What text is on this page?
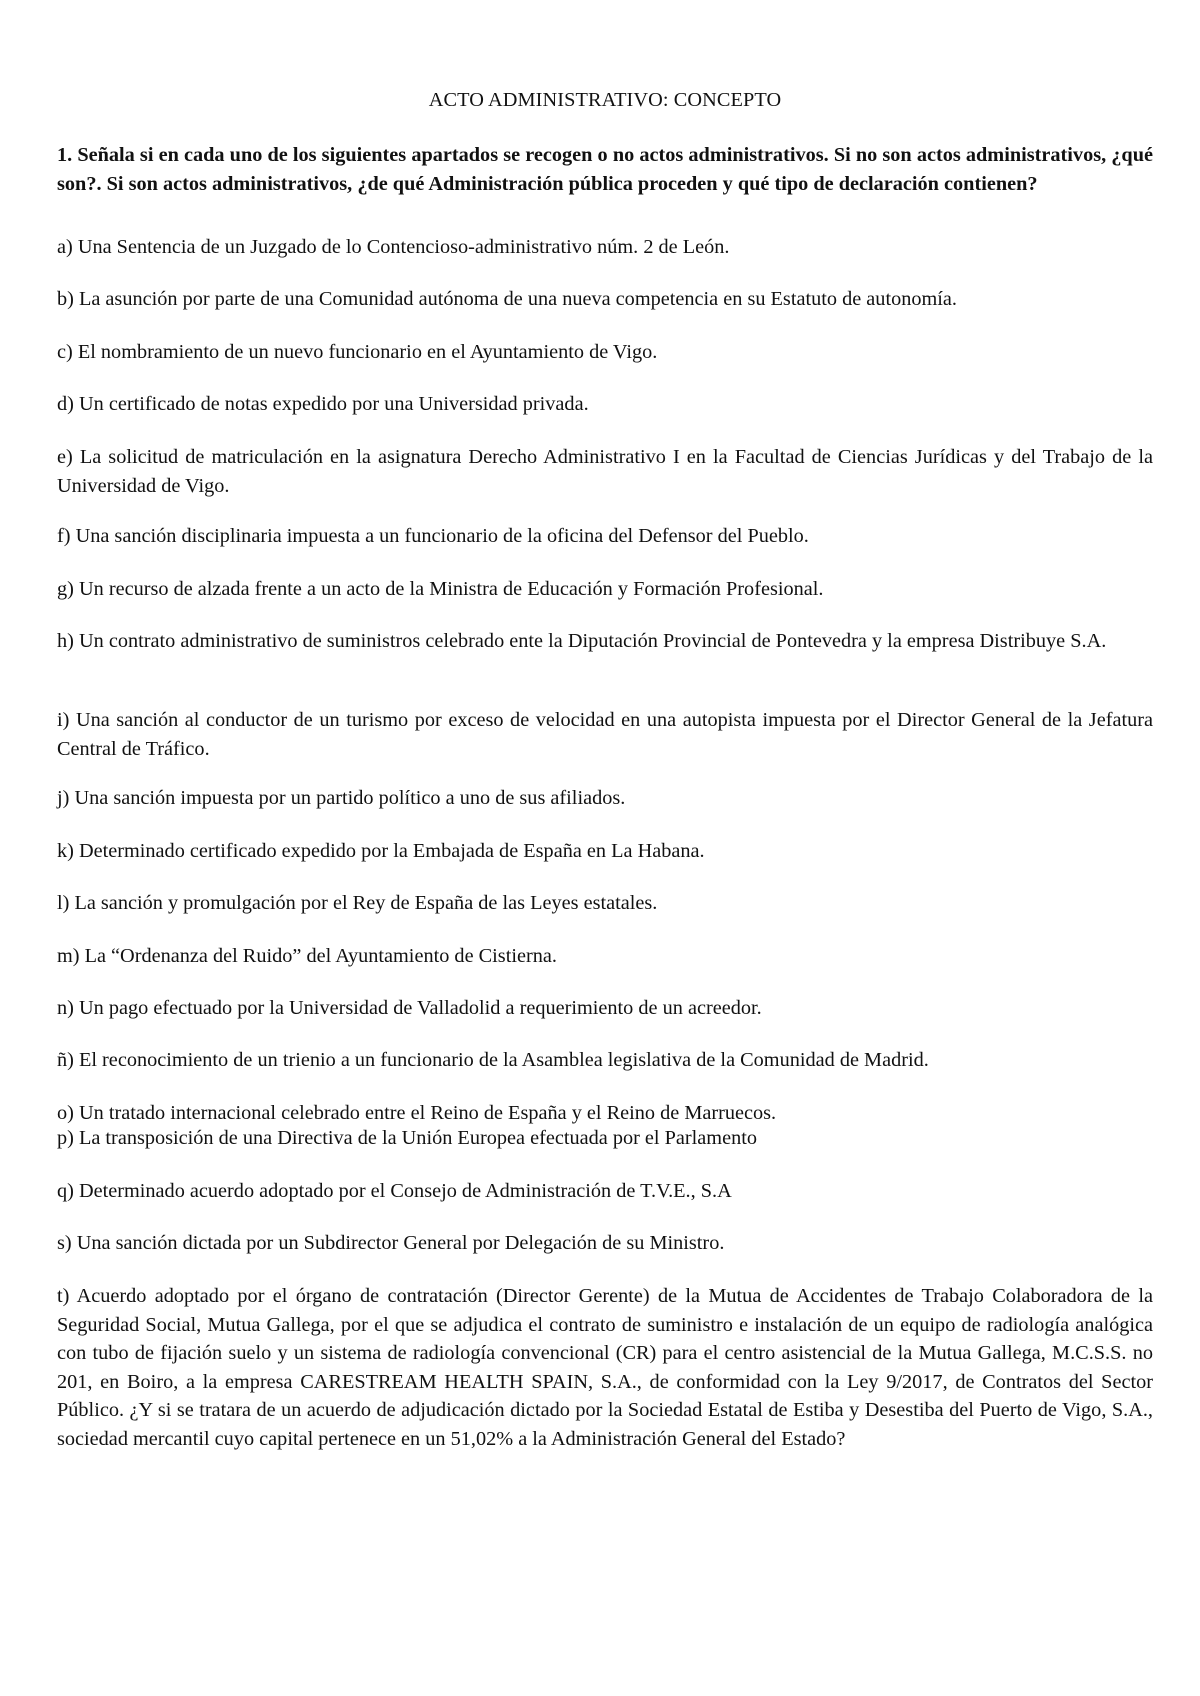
ACTO ADMINISTRATIVO: CONCEPTO
1. Señala si en cada uno de los siguientes apartados se recogen o no actos administrativos. Si no son actos administrativos, ¿qué son?. Si son actos administrativos, ¿de qué Administración pública proceden y qué tipo de declaración contienen?
a) Una Sentencia de un Juzgado de lo Contencioso-administrativo núm. 2 de León.
b) La asunción por parte de una Comunidad autónoma de una nueva competencia en su Estatuto de autonomía.
c) El nombramiento de un nuevo funcionario en el Ayuntamiento de Vigo.
d) Un certificado de notas expedido por una Universidad privada.
e) La solicitud de matriculación en la asignatura Derecho Administrativo I en la Facultad de Ciencias Jurídicas y del Trabajo de la Universidad de Vigo.
f) Una sanción disciplinaria impuesta a un funcionario de la oficina del Defensor del Pueblo.
g) Un recurso de alzada frente a un acto de la Ministra de Educación y Formación Profesional.
h) Un contrato administrativo de suministros celebrado ente la Diputación Provincial de Pontevedra y la empresa Distribuye S.A.
i) Una sanción al conductor de un turismo por exceso de velocidad en una autopista impuesta por el Director General de la Jefatura Central de Tráfico.
j) Una sanción impuesta por un partido político a uno de sus afiliados.
k) Determinado certificado expedido por la Embajada de España en La Habana.
l) La sanción y promulgación por el Rey de España de las Leyes estatales.
m) La “Ordenanza del Ruido” del Ayuntamiento de Cistierna.
n) Un pago efectuado por la Universidad de Valladolid a requerimiento de un acreedor.
ñ) El reconocimiento de un trienio a un funcionario de la Asamblea legislativa de la Comunidad de Madrid.
o) Un tratado internacional celebrado entre el Reino de España y el Reino de Marruecos.
p) La transposición de una Directiva de la Unión Europea efectuada por el Parlamento
q) Determinado acuerdo adoptado por el Consejo de Administración de T.V.E., S.A
s) Una sanción dictada por un Subdirector General por Delegación de su Ministro.
t) Acuerdo adoptado por el órgano de contratación (Director Gerente) de la Mutua de Accidentes de Trabajo Colaboradora de la Seguridad Social, Mutua Gallega, por el que se adjudica el contrato de suministro e instalación de un equipo de radiología analógica con tubo de fijación suelo y un sistema de radiología convencional (CR) para el centro asistencial de la Mutua Gallega, M.C.S.S. no 201, en Boiro, a la empresa CARESTREAM HEALTH SPAIN, S.A., de conformidad con la Ley 9/2017, de Contratos del Sector Público. ¿Y si se tratara de un acuerdo de adjudicación dictado por la Sociedad Estatal de Estiba y Desestiba del Puerto de Vigo, S.A., sociedad mercantil cuyo capital pertenece en un 51,02% a la Administración General del Estado?
